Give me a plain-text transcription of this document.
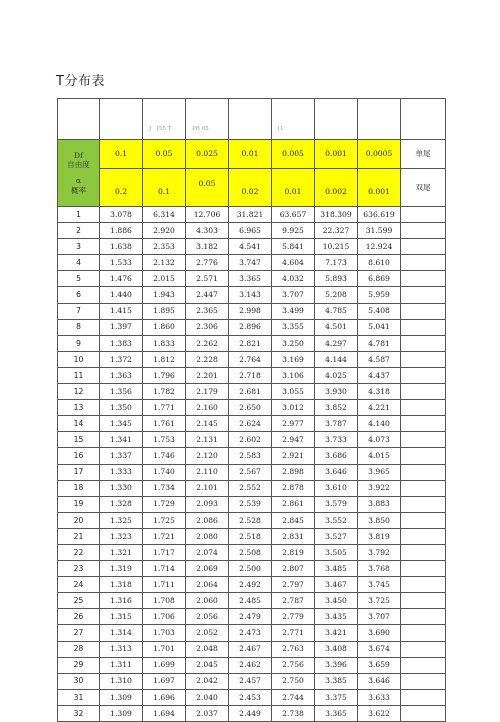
T分布表

		J　[55 T	PR 05		[1'			

Df
自由度
α
概率	0.1	0.05	0.025	0.01	0.005	0.001	0.0005	单尾
	0.2	0.1	0.05	0.02	0.01	0.002	0.001	双尾
1	3.078	6.314	12.706	31.821	63.657	318.309	636.619	
2	1.886	2.920	4.303	6.965	9.925	22.327	31.599	
3	1.638	2.353	3.182	4.541	5.841	10.215	12.924	
4	1.533	2.132	2.776	3.747	4.604	7.173	8.610	
5	1.476	2.015	2.571	3.365	4.032	5.893	6.869	
6	1.440	1.943	2.447	3.143	3.707	5.208	5.959	
7	1.415	1.895	2.365	2.998	3.499	4.785	5.408	
8	1.397	1.860	2.306	2.896	3.355	4.501	5.041	
9	1.383	1.833	2.262	2.821	3.250	4.297	4.781	
10	1.372	1.812	2.228	2.764	3.169	4.144	4.587	
11	1.363	1.796	2.201	2.718	3.106	4.025	4.437	
12	1.356	1.782	2.179	2.681	3.055	3.930	4.318	
13	1.350	1.771	2.160	2.650	3.012	3.852	4.221	
14	1.345	1.761	2.145	2.624	2.977	3.787	4.140	
15	1.341	1.753	2.131	2.602	2.947	3.733	4.073	
16	1.337	1.746	2.120	2.583	2.921	3.686	4.015	
17	1.333	1.740	2.110	2.567	2.898	3.646	3.965	
18	1.330	1.734	2.101	2.552	2.878	3.610	3.922	
19	1.328	1.729	2.093	2.539	2.861	3.579	3.883	
20	1.325	1.725	2.086	2.528	2.845	3.552	3.850	
21	1.323	1.721	2.080	2.518	2.831	3.527	3.819	
22	1.321	1.717	2.074	2.508	2.819	3.505	3.792	
23	1.319	1.714	2.069	2.500	2.807	3.485	3.768	
24	1.318	1.711	2.064	2.492	2.797	3.467	3.745	
25	1.316	1.708	2.060	2.485	2.787	3.450	3.725	
26	1.315	1.706	2.056	2.479	2.779	3.435	3.707	
27	1.314	1.703	2.052	2.473	2.771	3.421	3.690	
28	1.313	1.701	2.048	2.467	2.763	3.408	3.674	
29	1.311	1.699	2.045	2.462	2.756	3.396	3.659	
30	1.310	1.697	2.042	2.457	2.750	3.385	3.646	
31	1.309	1.696	2.040	2.453	2.744	3.375	3.633	
32	1.309	1.694	2.037	2.449	2.738	3.365	3.622	
